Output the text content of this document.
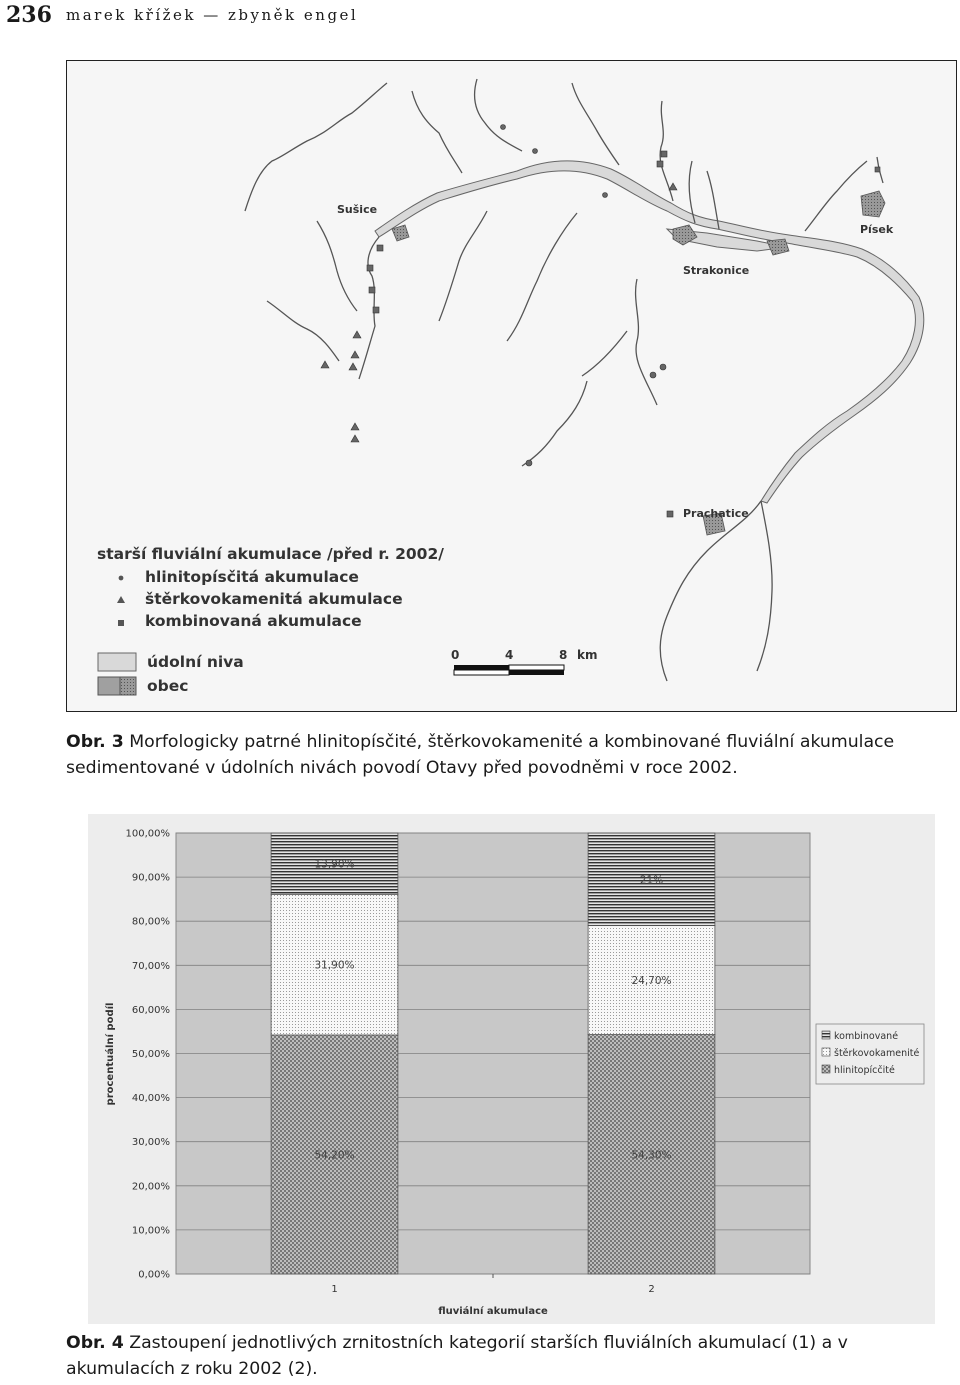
236 marek křížek — zbyněk engel
Sušice
Písek
Strakonice
Prachatice
starší fluviální akumulace /před r. 2002/
hlinitopísčitá akumulace
štěrkovokamenitá akumulace
kombinovaná akumulace
údolní niva
obec
0	4	8 km
Obr. 3 Morfologicky patrné hlinitopísčité, štěrkovokamenité a kombinované fluviální akumulace sedimentované v údolních nivách povodí Otavy před povodněmi v roce 2002.
0,00%
10,00%
20,00%
30,00%
40,00%
50,00%
60,00%
70,00%
80,00%
90,00%
100,00%
54,20%
31,90%
13,90%
54,30%
24,70%
21%
1	2
procentuální podíl
fluviální akumulace
kombinované
štěrkovokamenité
hlinitopícčité
Obr. 4 Zastoupení jednotlivých zrnitostních kategorií starších fluviálních akumulací (1) a v akumulacích z roku 2002 (2).
